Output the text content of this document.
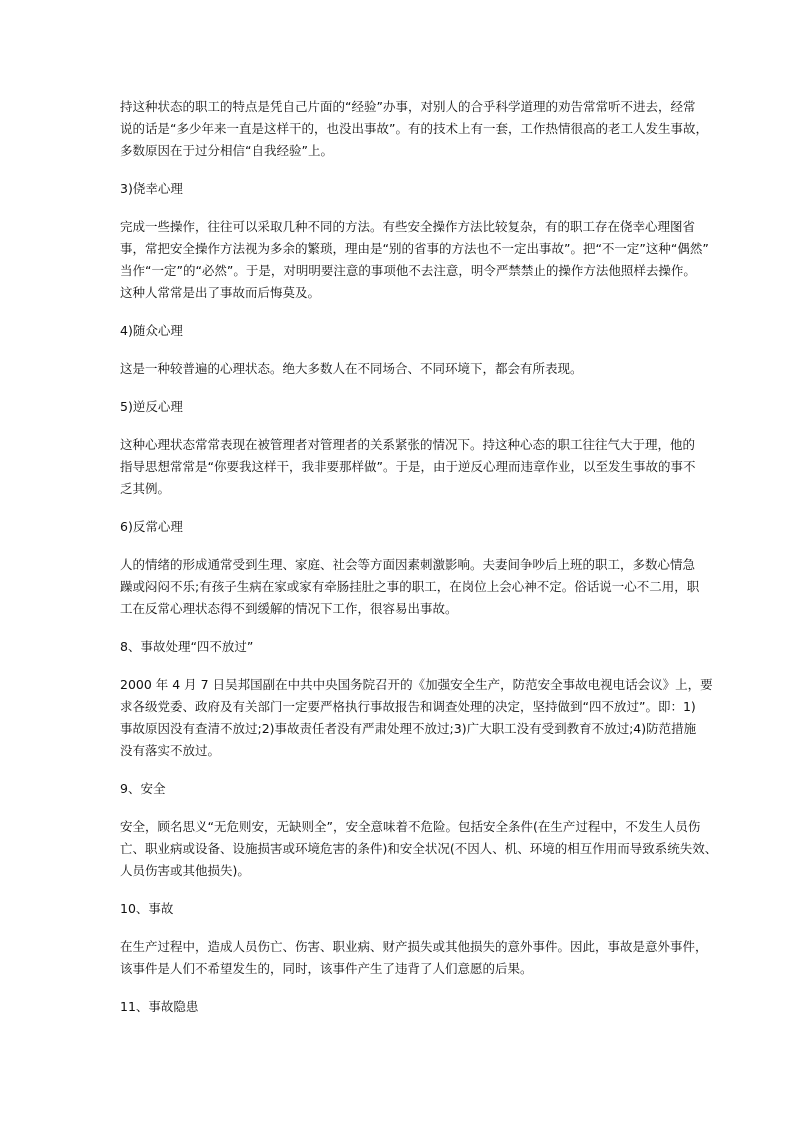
持这种状态的职工的特点是凭自己片面的“经验”办事，对别人的合乎科学道理的劝告常常听不进去，经常
说的话是“多少年来一直是这样干的，也没出事故”。有的技术上有一套，工作热情很高的老工人发生事故，
多数原因在于过分相信“自我经验”上。
3)侥幸心理
完成一些操作，往往可以采取几种不同的方法。有些安全操作方法比较复杂，有的职工存在侥幸心理图省
事，常把安全操作方法视为多余的繁琐，理由是“别的省事的方法也不一定出事故”。把“不一定”这种“偶然”
当作“一定”的“必然”。于是，对明明要注意的事项他不去注意，明令严禁禁止的操作方法他照样去操作。
这种人常常是出了事故而后悔莫及。
4)随众心理
这是一种较普遍的心理状态。绝大多数人在不同场合、不同环境下，都会有所表现。
5)逆反心理
这种心理状态常常表现在被管理者对管理者的关系紧张的情况下。持这种心态的职工往往气大于理，他的
指导思想常常是“你要我这样干，我非要那样做”。于是，由于逆反心理而违章作业，以至发生事故的事不
乏其例。
6)反常心理
人的情绪的形成通常受到生理、家庭、社会等方面因素刺激影响。夫妻间争吵后上班的职工，多数心情急
躁或闷闷不乐;有孩子生病在家或家有牵肠挂肚之事的职工，在岗位上会心神不定。俗话说一心不二用，职
工在反常心理状态得不到缓解的情况下工作，很容易出事故。
8、事故处理“四不放过”
2000 年 4 月 7 日吴邦国副在中共中央国务院召开的《加强安全生产，防范安全事故电视电话会议》上，要
求各级党委、政府及有关部门一定要严格执行事故报告和调查处理的决定，坚持做到“四不放过”。即：1)
事故原因没有查清不放过;2)事故责任者没有严肃处理不放过;3)广大职工没有受到教育不放过;4)防范措施
没有落实不放过。
9、安全
安全，顾名思义“无危则安，无缺则全”，安全意味着不危险。包括安全条件(在生产过程中，不发生人员伤
亡、职业病或设备、设施损害或环境危害的条件)和安全状况(不因人、机、环境的相互作用而导致系统失效、
人员伤害或其他损失)。
10、事故
在生产过程中，造成人员伤亡、伤害、职业病、财产损失或其他损失的意外事件。因此，事故是意外事件，
该事件是人们不希望发生的，同时，该事件产生了违背了人们意愿的后果。
11、事故隐患
